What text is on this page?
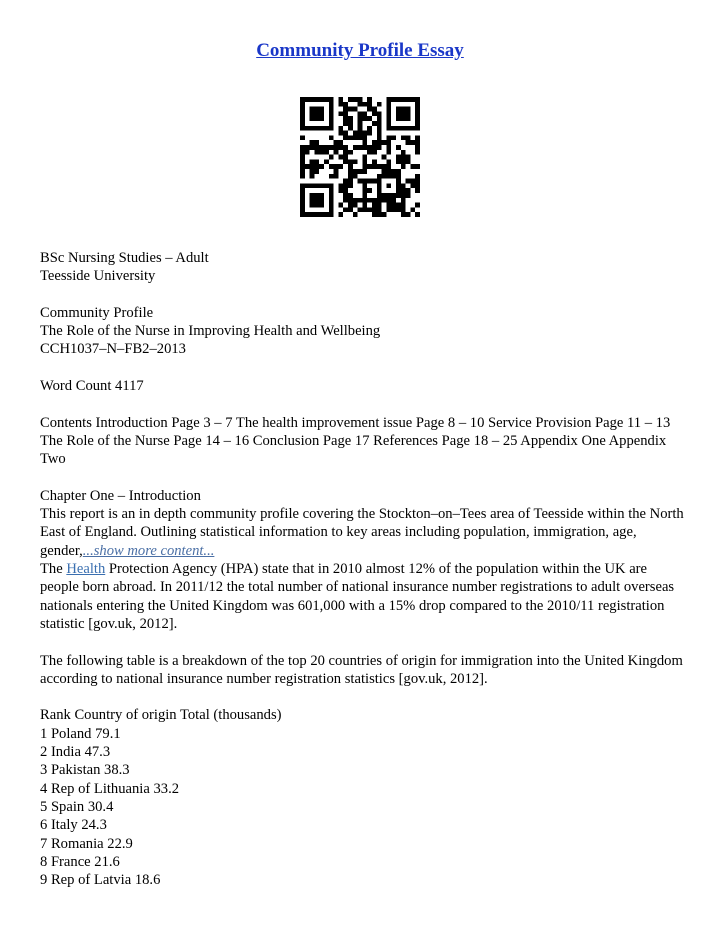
Community Profile Essay

BSc Nursing Studies – Adult

Teesside University

Community Profile

The Role of the Nurse in Improving Health and Wellbeing

CCH1037–N–FB2–2013

Word Count 4117

Contents Introduction Page 3 – 7 The health improvement issue Page 8 – 10 Service Provision Page 11 – 13 The Role of the Nurse Page 14 – 16 Conclusion Page 17 References Page 18 – 25 Appendix One Appendix Two

Chapter One – Introduction

This report is an in depth community profile covering the Stockton–on–Tees area of Teesside within the North East of England. Outlining statistical information to key areas including population, immigration, age, gender,...show more content...

The Health Protection Agency (HPA) state that in 2010 almost 12% of the population within the UK are people born abroad. In 2011/12 the total number of national insurance number registrations to adult overseas nationals entering the United Kingdom was 601,000 with a 15% drop compared to the 2010/11 registration statistic [gov.uk, 2012].

The following table is a breakdown of the top 20 countries of origin for immigration into the United Kingdom according to national insurance number registration statistics [gov.uk, 2012].

Rank Country of origin Total (thousands)

1 Poland 79.1

2 India 47.3

3 Pakistan 38.3

4 Rep of Lithuania 33.2

5 Spain 30.4

6 Italy 24.3

7 Romania 22.9

8 France 21.6

9 Rep of Latvia 18.6
